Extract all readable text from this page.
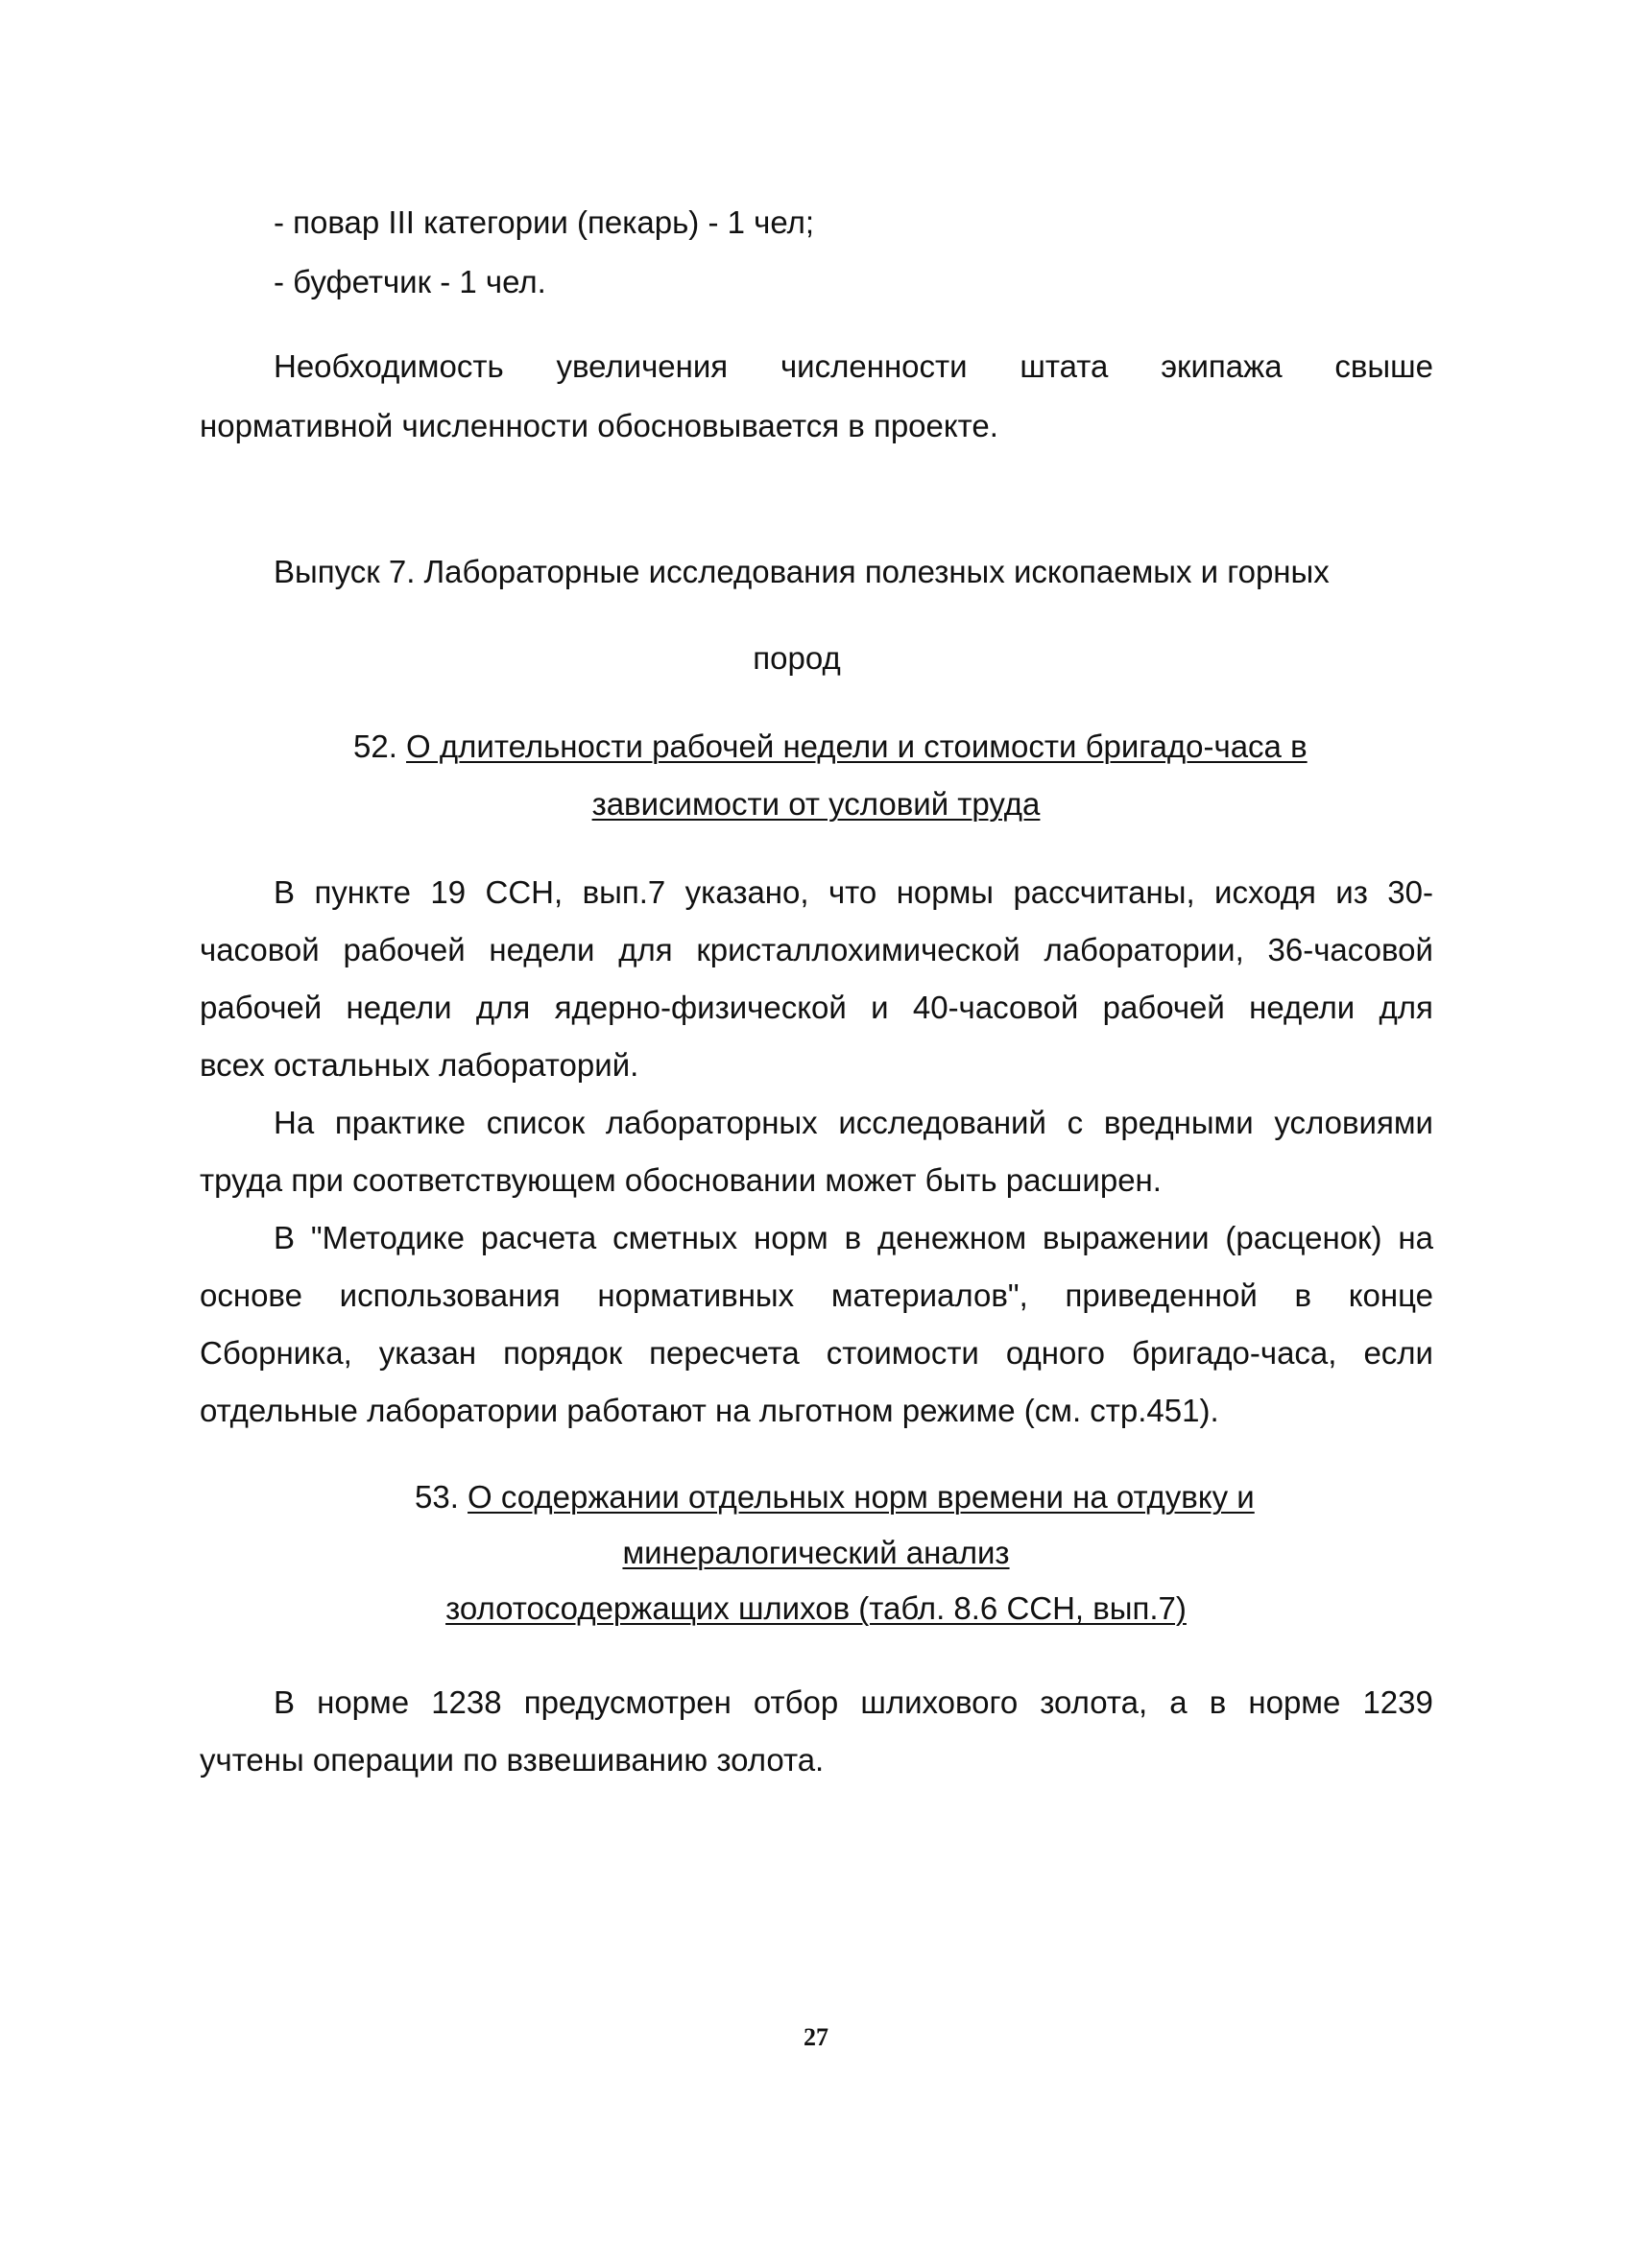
- повар III категории (пекарь) - 1 чел;
- буфетчик - 1 чел.
Необходимость увеличения численности штата экипажа свыше
нормативной численности обосновывается в проекте.
Выпуск 7. Лабораторные исследования полезных ископаемых и горных
пород
52. О длительности рабочей недели и стоимости бригадо-часа в
зависимости от условий труда
В пункте 19 ССН, вып.7 указано, что нормы рассчитаны, исходя из 30-
часовой рабочей недели для кристаллохимической лаборатории, 36-часовой
рабочей недели для ядерно-физической и 40-часовой рабочей недели для
всех остальных лабораторий.
На практике список лабораторных исследований с вредными условиями
труда при соответствующем обосновании может быть расширен.
В "Методике расчета сметных норм в денежном выражении (расценок) на
основе использования нормативных материалов", приведенной в конце
Сборника, указан порядок пересчета стоимости одного бригадо-часа, если
отдельные лаборатории работают на льготном режиме (см. стр.451).
53. О содержании отдельных норм времени на отдувку и
минералогический анализ
золотосодержащих шлихов (табл. 8.6 ССН, вып.7)
В норме 1238 предусмотрен отбор шлихового золота, а в норме 1239
учтены операции по взвешиванию золота.
27
